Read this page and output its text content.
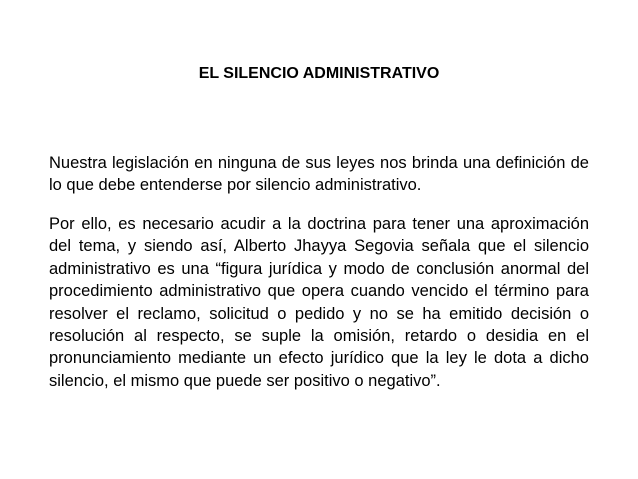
EL SILENCIO ADMINISTRATIVO

Nuestra legislación en ninguna de sus leyes nos brinda una definición de lo que debe entenderse por silencio administrativo.

Por ello, es necesario acudir a la doctrina para tener una aproximación del tema, y siendo así, Alberto Jhayya Segovia señala que el silencio administrativo es una “figura jurídica y modo de conclusión anormal del procedimiento administrativo que opera cuando vencido el término para resolver el reclamo, solicitud o pedido y no se ha emitido decisión o resolución al respecto, se suple la omisión, retardo o desidia en el pronunciamiento mediante un efecto jurídico que la ley le dota a dicho silencio, el mismo que puede ser positivo o negativo”.
